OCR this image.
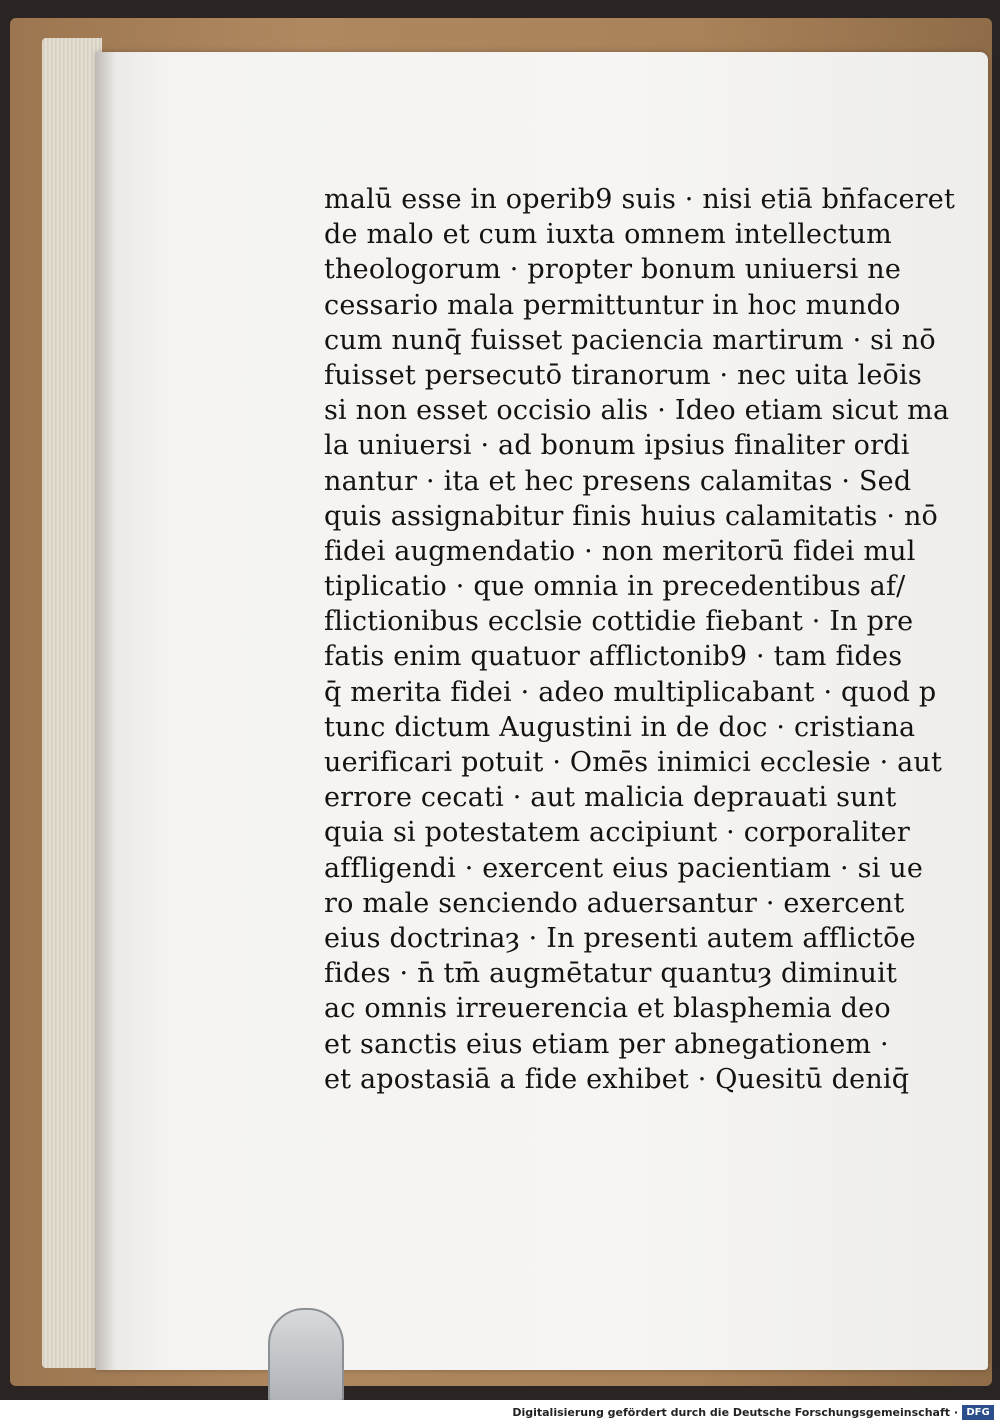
malū esse in operib9 suis · nisi etiā bn̄faceret
de malo et cum iuxta omnem intellectum
theologorum · propter bonum uniuersi ne
cessario mala permittuntur in hoc mundo
cum nunq̄ fuisset paciencia martirum · si nō
fuisset persecutō tiranorum · nec uita leōis
si non esset occisio alis · Ideo etiam sicut ma
la uniuersi · ad bonum ipsius finaliter ordi
nantur · ita et hec presens calamitas · Sed
quis assignabitur finis huius calamitatis · nō
fidei augmendatio · non meritorū fidei mul
tiplicatio · que omnia in precedentibus af/
flictionibus ecclsie cottidie fiebant · In pre
fatis enim quatuor afflictonib9 · tam fides
q̄ merita fidei · adeo multiplicabant · quod p
tunc dictum Augustini in de doc · cristiana
uerificari potuit · Omēs inimici ecclesie · aut
errore cecati · aut malicia deprauati sunt
quia si potestatem accipiunt · corporaliter
affligendi · exercent eius pacientiam · si ue
ro male senciendo aduersantur · exercent
eius doctrinaȝ · In presenti autem afflictōe
fides · n̄ tm̄ augmētatur quantuȝ diminuit
ac omnis irreuerencia et blasphemia deo
et sanctis eius etiam per abnegationem ·
et apostasiā a fide exhibet · Quesitū deniq̄
Digitalisierung gefördert durch die Deutsche Forschungsgemeinschaft · DFG
